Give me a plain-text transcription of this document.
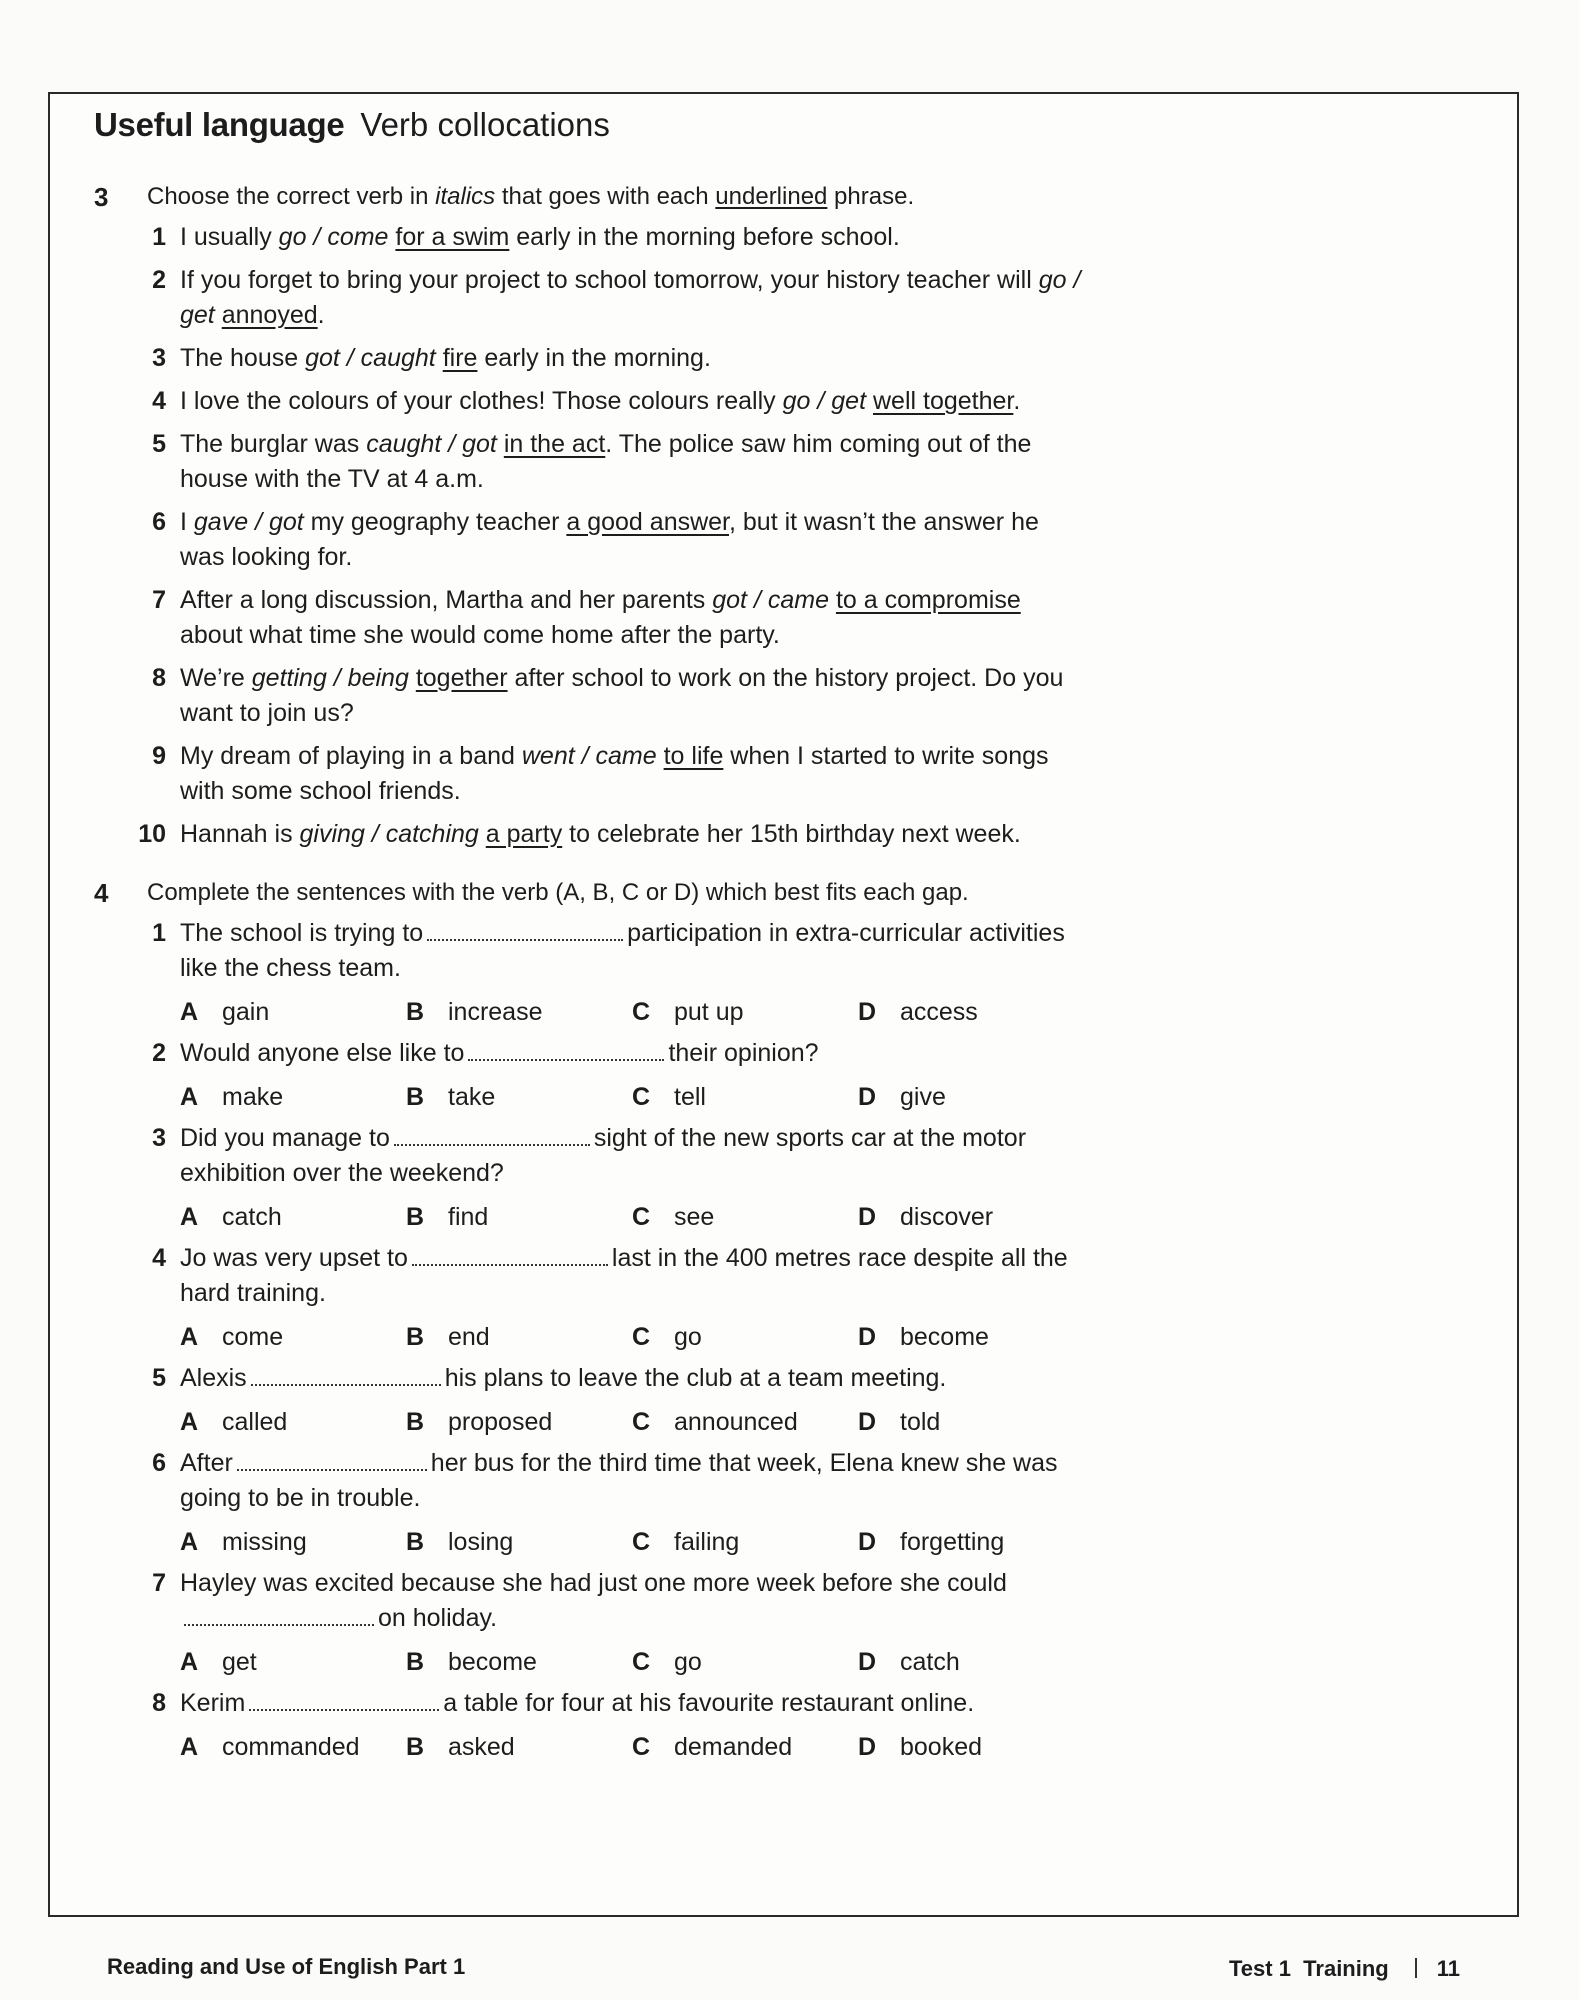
Useful language Verb collocations
3	Choose the correct verb in italics that goes with each underlined phrase.
1 I usually go / come for a swim early in the morning before school.
2 If you forget to bring your project to school tomorrow, your history teacher will go / get annoyed.
3 The house got / caught fire early in the morning.
4 I love the colours of your clothes! Those colours really go / get well together.
5 The burglar was caught / got in the act. The police saw him coming out of the house with the TV at 4 a.m.
6 I gave / got my geography teacher a good answer, but it wasn’t the answer he was looking for.
7 After a long discussion, Martha and her parents got / came to a compromise about what time she would come home after the party.
8 We’re getting / being together after school to work on the history project. Do you want to join us?
9 My dream of playing in a band went / came to life when I started to write songs with some school friends.
10 Hannah is giving / catching a party to celebrate her 15th birthday next week.
4	Complete the sentences with the verb (A, B, C or D) which best fits each gap.
1 The school is trying to	participation in extra-curricular activities like the chess team.
A gain	B increase	C put up	D access
2 Would anyone else like to	their opinion?
A make	B take	C tell	D give
3 Did you manage to	sight of the new sports car at the motor exhibition over the weekend?
A catch	B find	C see	D discover
4 Jo was very upset to	last in the 400 metres race despite all the hard training.
A come	B end	C go	D become
5 Alexis	his plans to leave the club at a team meeting.
A called	B proposed	C announced D told
6 After	her bus for the third time that week, Elena knew she was going to be in trouble.
A missing	B losing	C failing	D forgetting
7 Hayley was excited because she had just one more week before she couldon holiday.
A get	B become	C go	D catch
8 Kerim	a table for four at his favourite restaurant online.
A commanded B asked	C demanded	D booked
Reading and Use of English Part 1	Test 1  Training 11
